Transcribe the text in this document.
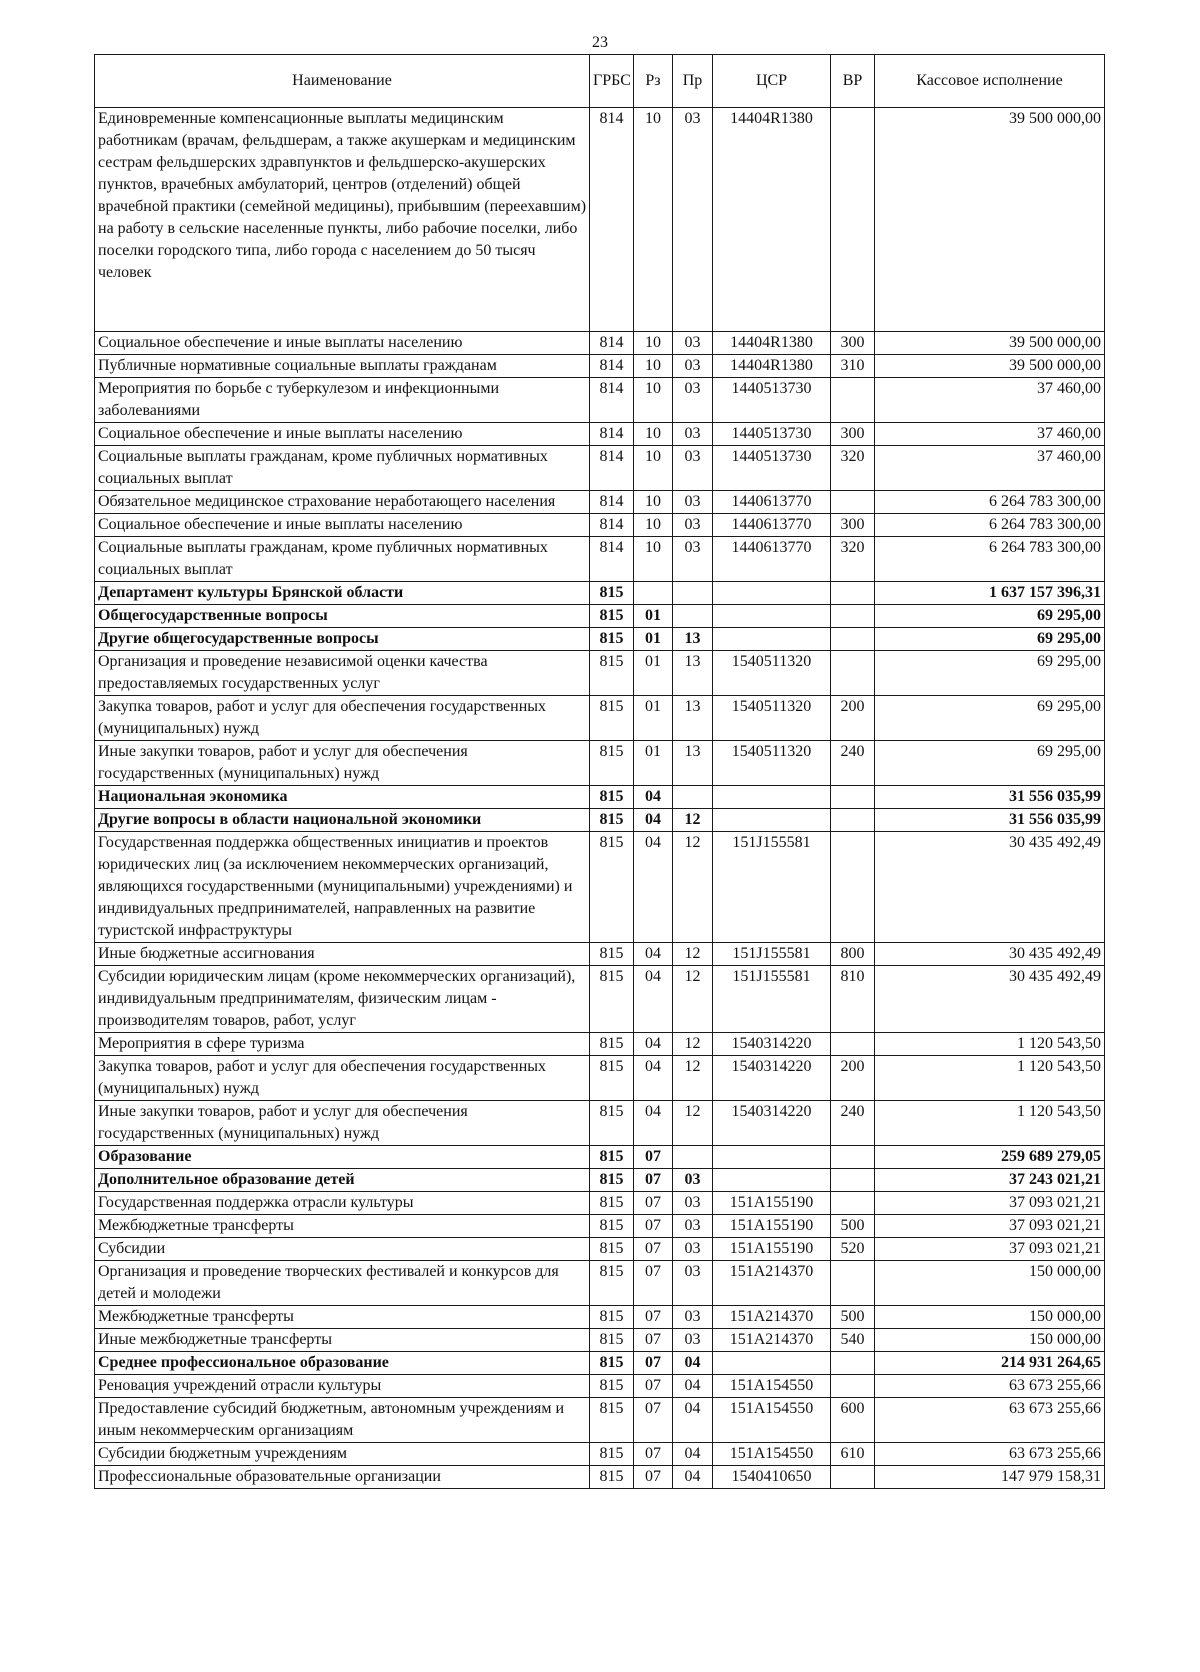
23
Наименование	ГРБС	Рз	Пр	ЦСР	ВР	Кассовое исполнение
Единовременные компенсационные выплаты медицинским работникам (врачам, фельдшерам, а также акушеркам и медицинским сестрам фельдшерских здравпунктов и фельдшерско-акушерских пунктов, врачебных амбулаторий, центров (отделений) общей врачебной практики (семейной медицины), прибывшим (переехавшим) на работу в сельские населенные пункты, либо рабочие поселки, либо поселки городского типа, либо города с населением до 50 тысяч человек	814	10	03	14404R1380		39 500 000,00
Социальное обеспечение и иные выплаты населению	814	10	03	14404R1380	300	39 500 000,00
Публичные нормативные социальные выплаты гражданам	814	10	03	14404R1380	310	39 500 000,00
Мероприятия по борьбе с туберкулезом и инфекционными заболеваниями	814	10	03	1440513730		37 460,00
Социальное обеспечение и иные выплаты населению	814	10	03	1440513730	300	37 460,00
Социальные выплаты гражданам, кроме публичных нормативных социальных выплат	814	10	03	1440513730	320	37 460,00
Обязательное медицинское страхование неработающего населения	814	10	03	1440613770		6 264 783 300,00
Социальное обеспечение и иные выплаты населению	814	10	03	1440613770	300	6 264 783 300,00
Социальные выплаты гражданам, кроме публичных нормативных социальных выплат	814	10	03	1440613770	320	6 264 783 300,00
Департамент культуры Брянской области	815					1 637 157 396,31
Общегосударственные вопросы	815	01				69 295,00
Другие общегосударственные вопросы	815	01	13			69 295,00
Организация и проведение независимой оценки качества предоставляемых государственных услуг	815	01	13	1540511320		69 295,00
Закупка товаров, работ и услуг для обеспечения государственных (муниципальных) нужд	815	01	13	1540511320	200	69 295,00
Иные закупки товаров, работ и услуг для обеспечения государственных (муниципальных) нужд	815	01	13	1540511320	240	69 295,00
Национальная экономика	815	04				31 556 035,99
Другие вопросы в области национальной экономики	815	04	12			31 556 035,99
Государственная поддержка общественных инициатив и проектов юридических лиц (за исключением некоммерческих организаций, являющихся государственными (муниципальными) учреждениями) и индивидуальных предпринимателей, направленных на развитие туристской инфраструктуры	815	04	12	151J155581		30 435 492,49
Иные бюджетные ассигнования	815	04	12	151J155581	800	30 435 492,49
Субсидии юридическим лицам (кроме некоммерческих организаций), индивидуальным предпринимателям, физическим лицам - производителям товаров, работ, услуг	815	04	12	151J155581	810	30 435 492,49
Мероприятия в сфере туризма	815	04	12	1540314220		1 120 543,50
Закупка товаров, работ и услуг для обеспечения государственных (муниципальных) нужд	815	04	12	1540314220	200	1 120 543,50
Иные закупки товаров, работ и услуг для обеспечения государственных (муниципальных) нужд	815	04	12	1540314220	240	1 120 543,50
Образование	815	07				259 689 279,05
Дополнительное образование детей	815	07	03			37 243 021,21
Государственная поддержка отрасли культуры	815	07	03	151A155190		37 093 021,21
Межбюджетные трансферты	815	07	03	151A155190	500	37 093 021,21
Субсидии	815	07	03	151A155190	520	37 093 021,21
Организация и проведение творческих фестивалей и конкурсов для детей и молодежи	815	07	03	151A214370		150 000,00
Межбюджетные трансферты	815	07	03	151A214370	500	150 000,00
Иные межбюджетные трансферты	815	07	03	151A214370	540	150 000,00
Среднее профессиональное образование	815	07	04			214 931 264,65
Реновация учреждений отрасли культуры	815	07	04	151A154550		63 673 255,66
Предоставление субсидий бюджетным, автономным учреждениям и иным некоммерческим организациям	815	07	04	151A154550	600	63 673 255,66
Субсидии бюджетным учреждениям	815	07	04	151A154550	610	63 673 255,66
Профессиональные образовательные организации	815	07	04	1540410650		147 979 158,31
